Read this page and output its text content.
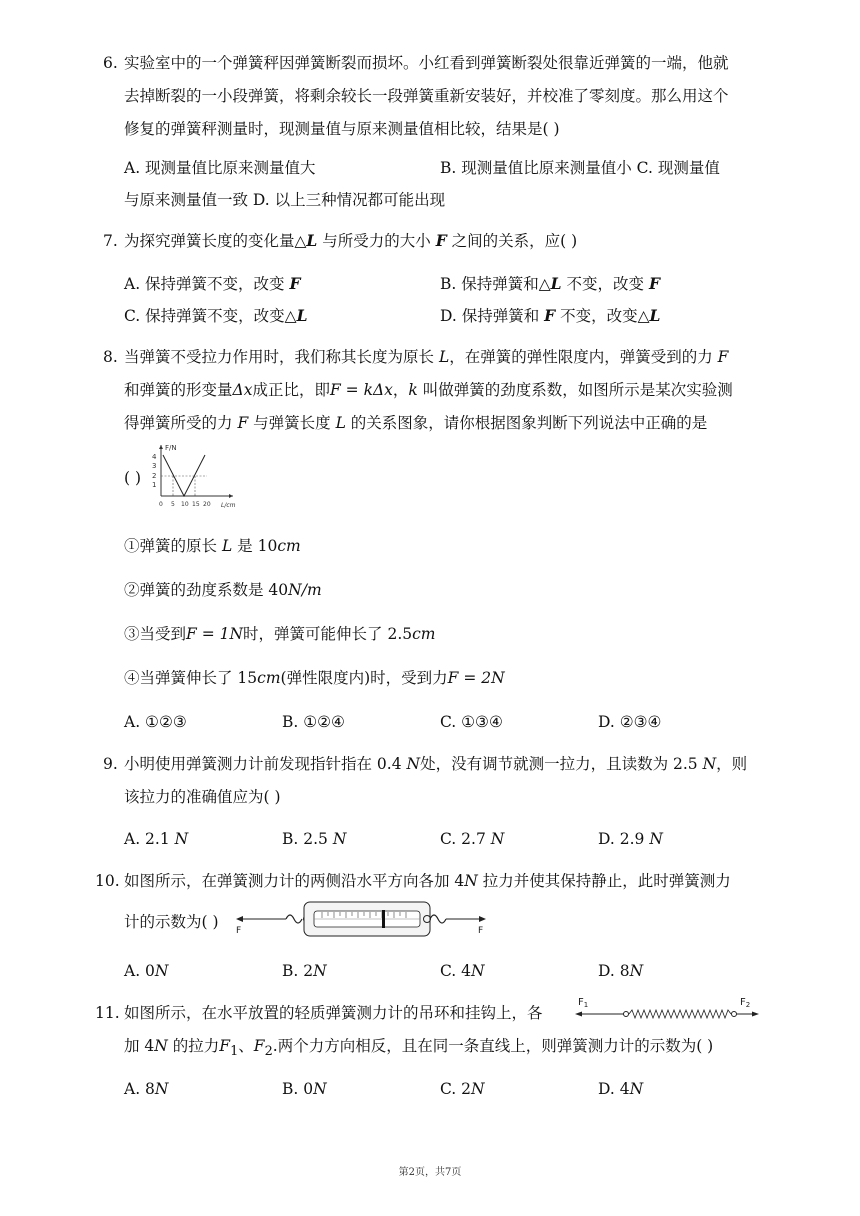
6. 实验室中的一个弹簧秤因弹簧断裂而损坏。小红看到弹簧断裂处很靠近弹簧的一端，他就
去掉断裂的一小段弹簧，将剩余较长一段弹簧重新安装好，并校准了零刻度。那么用这个
修复的弹簧秤测量时，现测量值与原来测量值相比较，结果是( )
A. 现测量值比原来测量值大	B. 现测量值比原来测量值小 C. 现测量值
与原来测量值一致 D. 以上三种情况都可能出现
7. 为探究弹簧长度的变化量△L 与所受力的大小 F 之间的关系，应( )
A. 保持弹簧不变，改变 F	B. 保持弹簧和△L 不变，改变 F
C. 保持弹簧不变，改变△L	D. 保持弹簧和 F 不变，改变△L
8. 当弹簧不受拉力作用时，我们称其长度为原长 L，在弹簧的弹性限度内，弹簧受到的力 F
和弹簧的形变量Δx成正比，即F = kΔx，k 叫做弹簧的劲度系数，如图所示是某次实验测
得弹簧所受的力 F 与弹簧长度 L 的关系图象，请你根据图象判断下列说法中正确的是
( )
F/N
L/cm
4
3
2
1
0 5 10 15 20
①弹簧的原长 L 是 10cm
②弹簧的劲度系数是 40N/m
③当受到F = 1N时，弹簧可能伸长了 2.5cm
④当弹簧伸长了 15cm(弹性限度内)时，受到力F = 2N
A. ①②③	B. ①②④	C. ①③④	D. ②③④
9. 小明使用弹簧测力计前发现指针指在 0.4 N处，没有调节就测一拉力，且读数为 2.5 N，则
该拉力的准确值应为( )
A. 2.1 N	B. 2.5 N	C. 2.7 N	D. 2.9 N
10. 如图所示，在弹簧测力计的两侧沿水平方向各加 4N 拉力并使其保持静止，此时弹簧测力
计的示数为( ) F	F
A. 0N	B. 2N	C. 4N	D. 8N
11. 如图所示，在水平放置的轻质弹簧测力计的吊环和挂钩上，各
加 4N 的拉力$F_1$、$F_2$.两个力方向相反，且在同一条直线上，则弹簧测力计的示数为( )
$F_1$	$F_2$
A. 8N	B. 0N	C. 2N	D. 4N
第2页，共7页
